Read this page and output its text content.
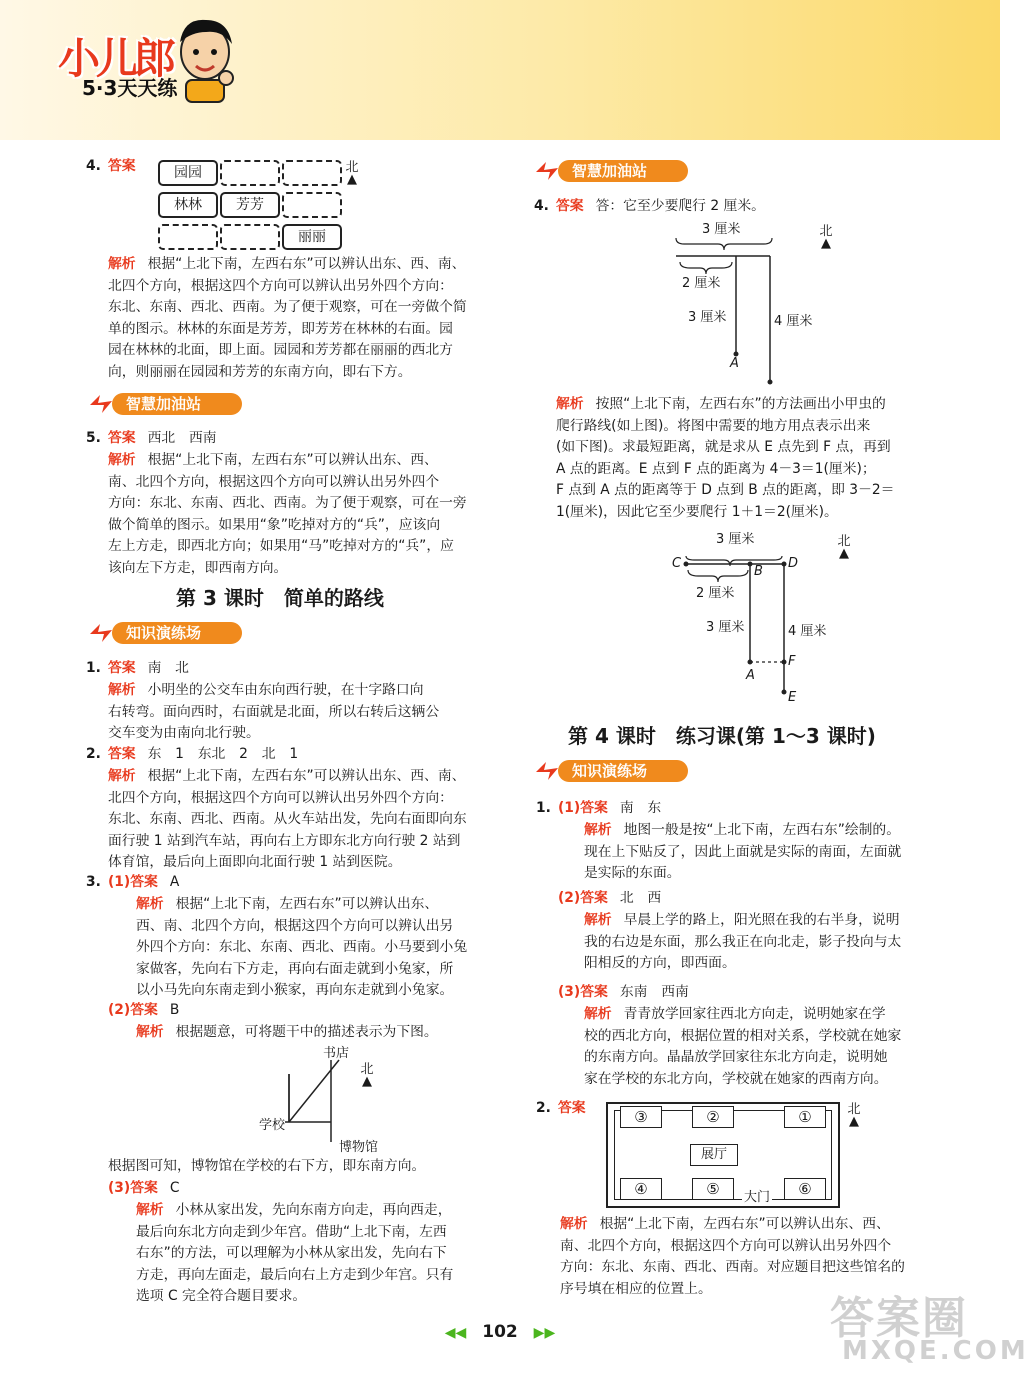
小儿郎
5·3天天练

4. 答案	园园
林林	芳芳
丽丽
北
▲

解析 根据“上北下南，左西右东”可以辨认出东、西、南、

北四个方向，根据这四个方向可以辨认出另外四个方向：

东北、东南、西北、西南。为了便于观察，可在一旁做个简

单的图示。林林的东面是芳芳，即芳芳在林林的右面。园

园在林林的北面，即上面。园园和芳芳都在丽丽的西北方

向，则丽丽在园园和芳芳的东南方向，即右下方。

智慧加油站

5. 答案 西北　西南

解析 根据“上北下南，左西右东”可以辨认出东、西、

南、北四个方向，根据这四个方向可以辨认出另外四个

方向：东北、东南、西北、西南。为了便于观察，可在一旁

做个简单的图示。如果用“象”吃掉对方的“兵”，应该向

左上方走，即西北方向；如果用“马”吃掉对方的“兵”，应

该向左下方走，即西南方向。

第 3 课时　简单的路线
知识演练场

1. 答案 南　北

解析 小明坐的公交车由东向西行驶，在十字路口向

右转弯。面向西时，右面就是北面，所以右转后这辆公

交车变为由南向北行驶。

2. 答案 东　1　东北　2　北　1

解析 根据“上北下南，左西右东”可以辨认出东、西、南、

北四个方向，根据这四个方向可以辨认出另外四个方向：

东北、东南、西北、西南。从火车站出发，先向右面即向东

面行驶 1 站到汽车站，再向右上方即东北方向行驶 2 站到

体育馆，最后向上面即向北面行驶 1 站到医院。

3. (1)答案 A

解析 根据“上北下南，左西右东”可以辨认出东、

西、南、北四个方向，根据这四个方向可以辨认出另

外四个方向：东北、东南、西北、西南。小马要到小兔

家做客，先向右下方走，再向右面走就到小兔家，所

以小马先向东南走到小猴家，再向东走就到小兔家。

(2)答案 B

解析 根据题意，可将题干中的描述表示为下图。

书店
学校
博物馆
北
▲

根据图可知，博物馆在学校的右下方，即东南方向。

(3)答案 C

解析 小林从家出发，先向东南方向走，再向西走，

最后向东北方向走到少年宫。借助“上北下南，左西

右东”的方法，可以理解为小林从家出发，先向右下

方走，再向左面走，最后向右上方走到少年宫。只有

选项 C 完全符合题目要求。

智慧加油站

4. 答案 答：它至少要爬行 2 厘米。

3 厘米
2 厘米
3 厘米	4 厘米
A
北
▲

解析 按照“上北下南，左西右东”的方法画出小甲虫的

爬行路线(如上图)。将图中需要的地方用点表示出来

(如下图)。求最短距离，就是求从 E 点先到 F 点，再到

A 点的距离。E 点到 F 点的距离为 4－3＝1(厘米)；

F 点到 A 点的距离等于 D 点到 B 点的距离，即 3－2＝

1(厘米)，因此它至少要爬行 1＋1＝2(厘米)。

3 厘米
2 厘米
3 厘米	4 厘米
C
B
D
F
A
E
北
▲
第 4 课时　练习课(第 1～3 课时)
知识演练场

1. (1)答案 南　东

解析 地图一般是按“上北下南，左西右东”绘制的。

现在上下贴反了，因此上面就是实际的南面，左面就

是实际的东面。

(2)答案 北　西

解析 早晨上学的路上，阳光照在我的右半身，说明

我的右边是东面，那么我正在向北走，影子投向与太

阳相反的方向，即西面。

(3)答案 东南　西南

解析 青青放学回家往西北方向走，说明她家在学

校的西北方向，根据位置的相对关系，学校就在她家

的东南方向。晶晶放学回家往东北方向走，说明她

家在学校的东北方向，学校就在她家的西南方向。

2. 答案	③	②	①
④	⑤	⑥
展厅
大门
北
▲

解析 根据“上北下南，左西右东”可以辨认出东、西、

南、北四个方向，根据这四个方向可以辨认出另外四个

方向：东北、东南、西北、西南。对应题目把这些馆名的

序号填在相应的位置上。

◀◀ 102 ▶▶	答案圈
MXQE.COM
